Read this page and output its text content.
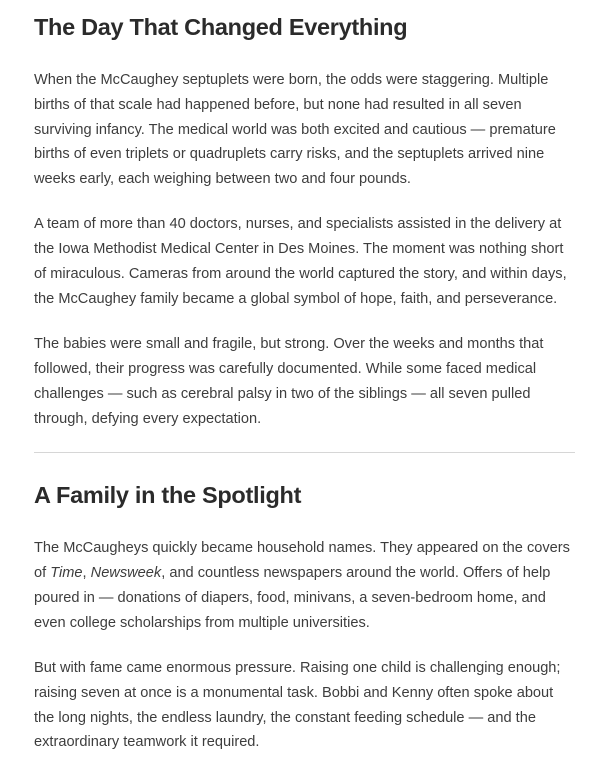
The Day That Changed Everything

When the McCaughey septuplets were born, the odds were staggering. Multiple births of that scale had happened before, but none had resulted in all seven surviving infancy. The medical world was both excited and cautious — premature births of even triplets or quadruplets carry risks, and the septuplets arrived nine weeks early, each weighing between two and four pounds.

A team of more than 40 doctors, nurses, and specialists assisted in the delivery at the Iowa Methodist Medical Center in Des Moines. The moment was nothing short of miraculous. Cameras from around the world captured the story, and within days, the McCaughey family became a global symbol of hope, faith, and perseverance.

The babies were small and fragile, but strong. Over the weeks and months that followed, their progress was carefully documented. While some faced medical challenges — such as cerebral palsy in two of the siblings — all seven pulled through, defying every expectation.

A Family in the Spotlight

The McCaugheys quickly became household names. They appeared on the covers of Time, Newsweek, and countless newspapers around the world. Offers of help poured in — donations of diapers, food, minivans, a seven-bedroom home, and even college scholarships from multiple universities.

But with fame came enormous pressure. Raising one child is challenging enough; raising seven at once is a monumental task. Bobbi and Kenny often spoke about the long nights, the endless laundry, the constant feeding schedule — and the extraordinary teamwork it required.
